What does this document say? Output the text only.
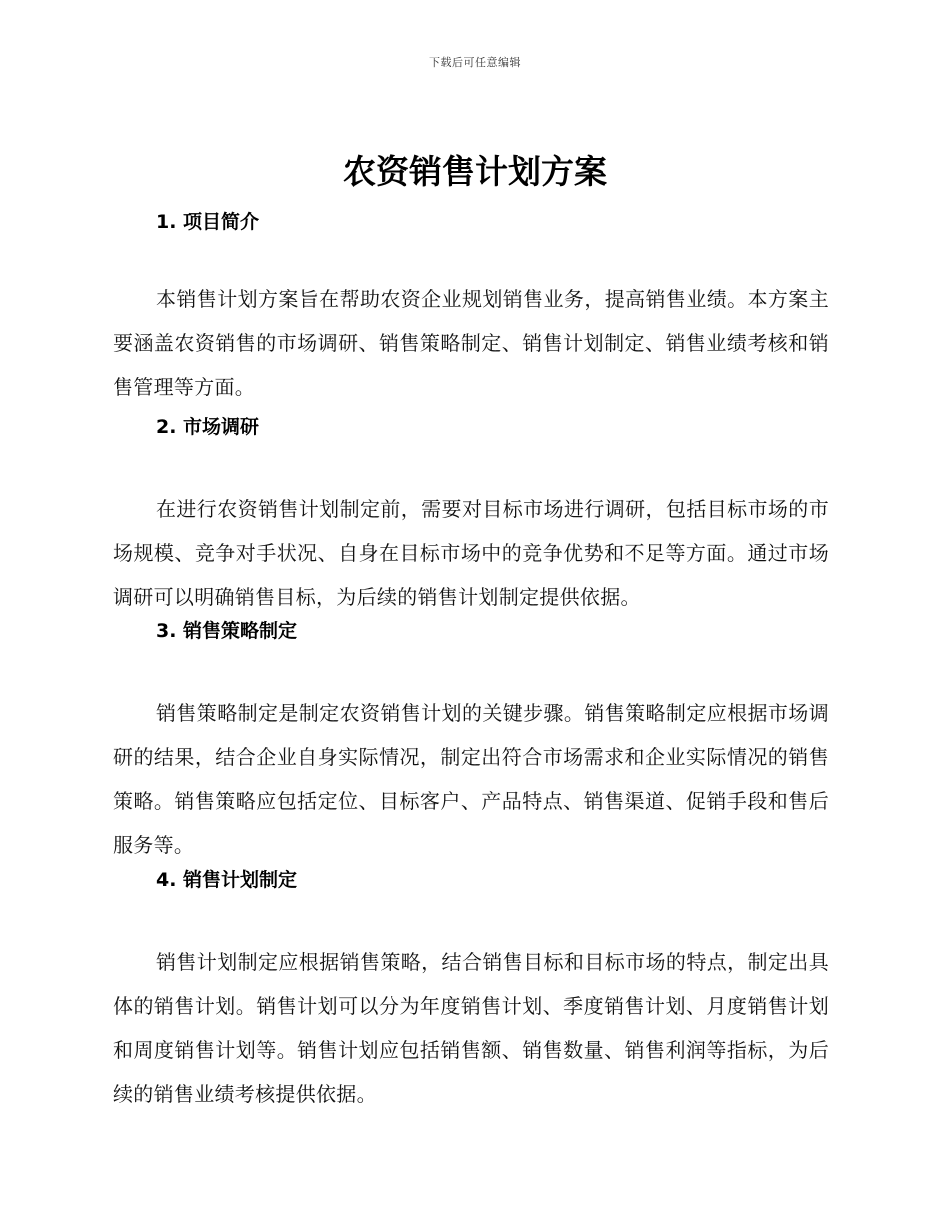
下载后可任意编辑
农资销售计划方案
1. 项目简介

本销售计划方案旨在帮助农资企业规划销售业务，提高销售业绩。本方案主要涵盖农资销售的市场调研、销售策略制定、销售计划制定、销售业绩考核和销售管理等方面。

2. 市场调研

在进行农资销售计划制定前，需要对目标市场进行调研，包括目标市场的市场规模、竞争对手状况、自身在目标市场中的竞争优势和不足等方面。通过市场调研可以明确销售目标，为后续的销售计划制定提供依据。

3. 销售策略制定

销售策略制定是制定农资销售计划的关键步骤。销售策略制定应根据市场调研的结果，结合企业自身实际情况，制定出符合市场需求和企业实际情况的销售策略。销售策略应包括定位、目标客户、产品特点、销售渠道、促销手段和售后服务等。

4. 销售计划制定

销售计划制定应根据销售策略，结合销售目标和目标市场的特点，制定出具体的销售计划。销售计划可以分为年度销售计划、季度销售计划、月度销售计划和周度销售计划等。销售计划应包括销售额、销售数量、销售利润等指标，为后续的销售业绩考核提供依据。
